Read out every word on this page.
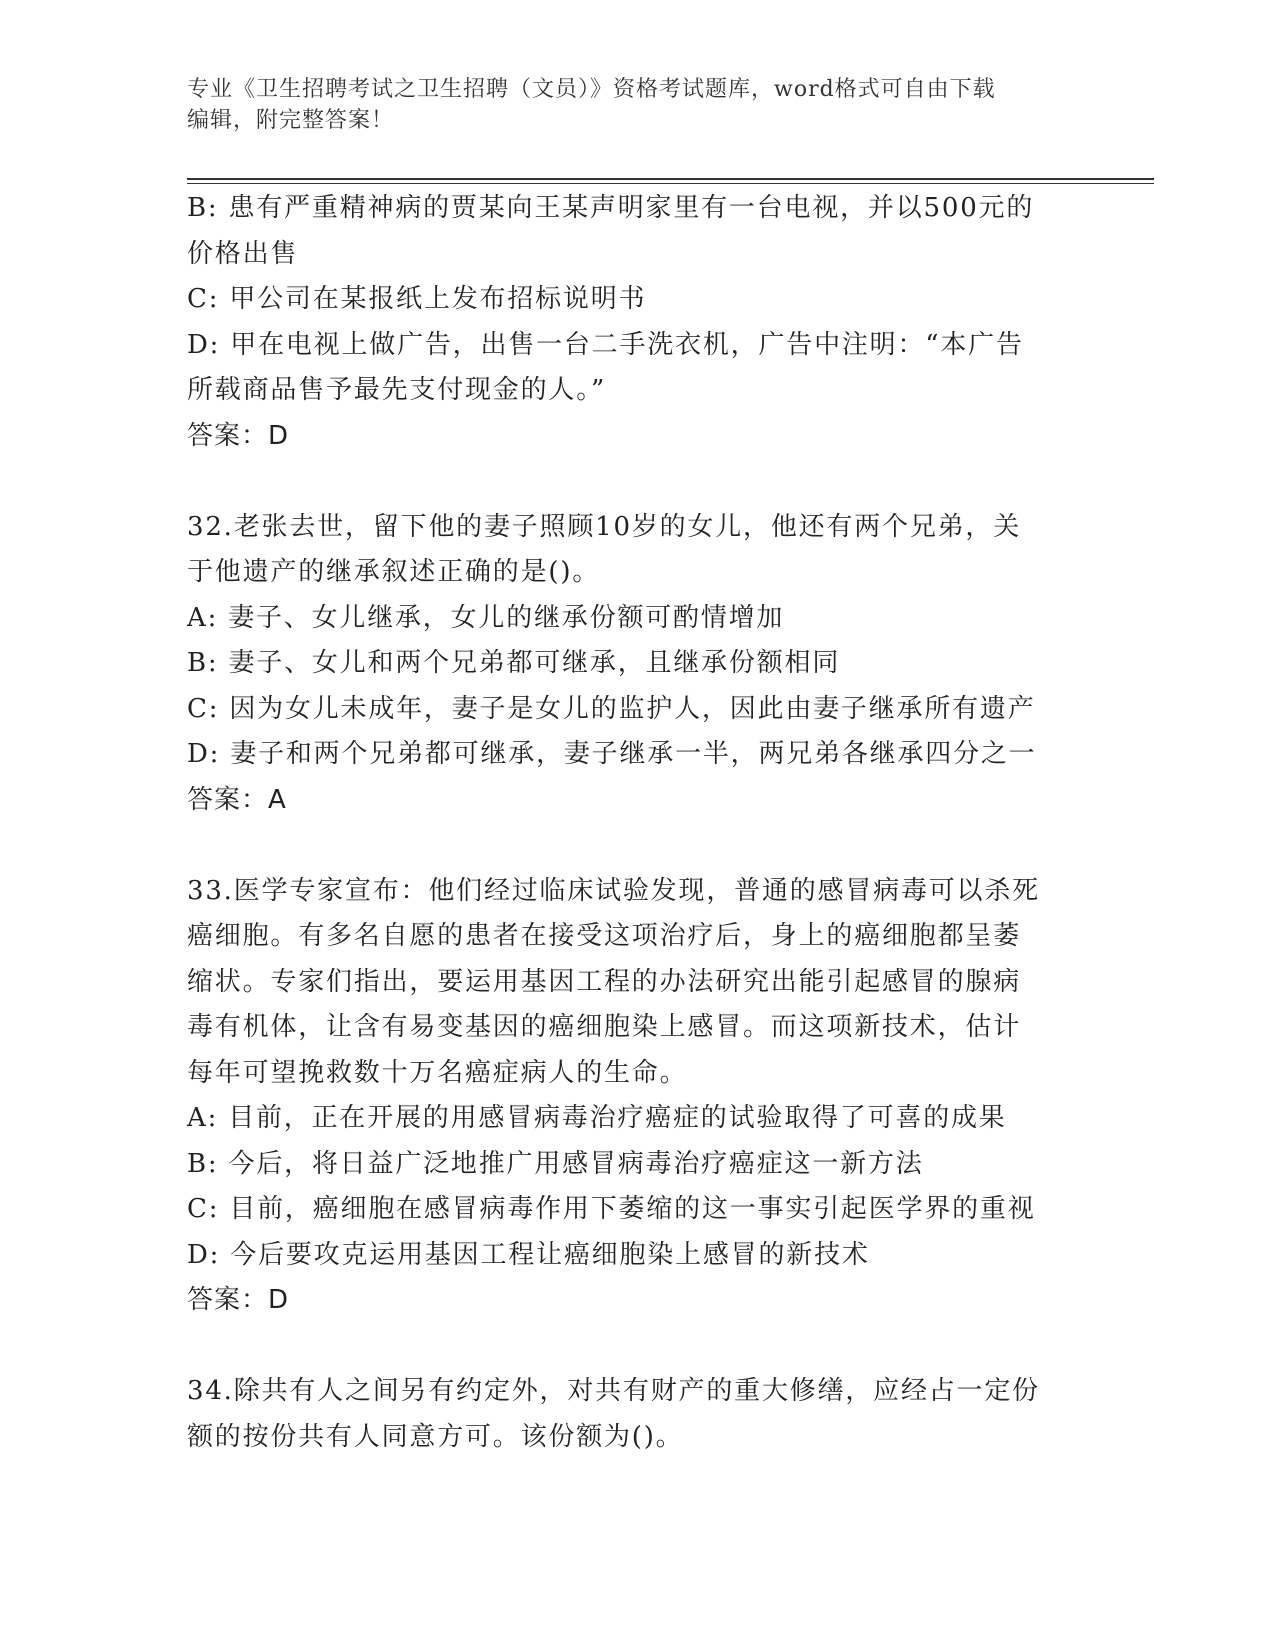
专业《卫生招聘考试之卫生招聘（文员）》资格考试题库，word格式可自由下载
编辑，附完整答案！

B: 患有严重精神病的贾某向王某声明家里有一台电视，并以500元的

价格出售

C: 甲公司在某报纸上发布招标说明书

D: 甲在电视上做广告，出售一台二手洗衣机，广告中注明：“本广告

所载商品售予最先支付现金的人。”

答案：D

32.老张去世，留下他的妻子照顾10岁的女儿，他还有两个兄弟，关

于他遗产的继承叙述正确的是()。

A: 妻子、女儿继承，女儿的继承份额可酌情增加

B: 妻子、女儿和两个兄弟都可继承，且继承份额相同

C: 因为女儿未成年，妻子是女儿的监护人，因此由妻子继承所有遗产

D: 妻子和两个兄弟都可继承，妻子继承一半，两兄弟各继承四分之一

答案：A

33.医学专家宣布：他们经过临床试验发现，普通的感冒病毒可以杀死

癌细胞。有多名自愿的患者在接受这项治疗后，身上的癌细胞都呈萎

缩状。专家们指出，要运用基因工程的办法研究出能引起感冒的腺病

毒有机体，让含有易变基因的癌细胞染上感冒。而这项新技术，估计

每年可望挽救数十万名癌症病人的生命。

A: 目前，正在开展的用感冒病毒治疗癌症的试验取得了可喜的成果

B: 今后，将日益广泛地推广用感冒病毒治疗癌症这一新方法

C: 目前，癌细胞在感冒病毒作用下萎缩的这一事实引起医学界的重视

D: 今后要攻克运用基因工程让癌细胞染上感冒的新技术

答案：D

34.除共有人之间另有约定外，对共有财产的重大修缮，应经占一定份

额的按份共有人同意方可。该份额为()。
